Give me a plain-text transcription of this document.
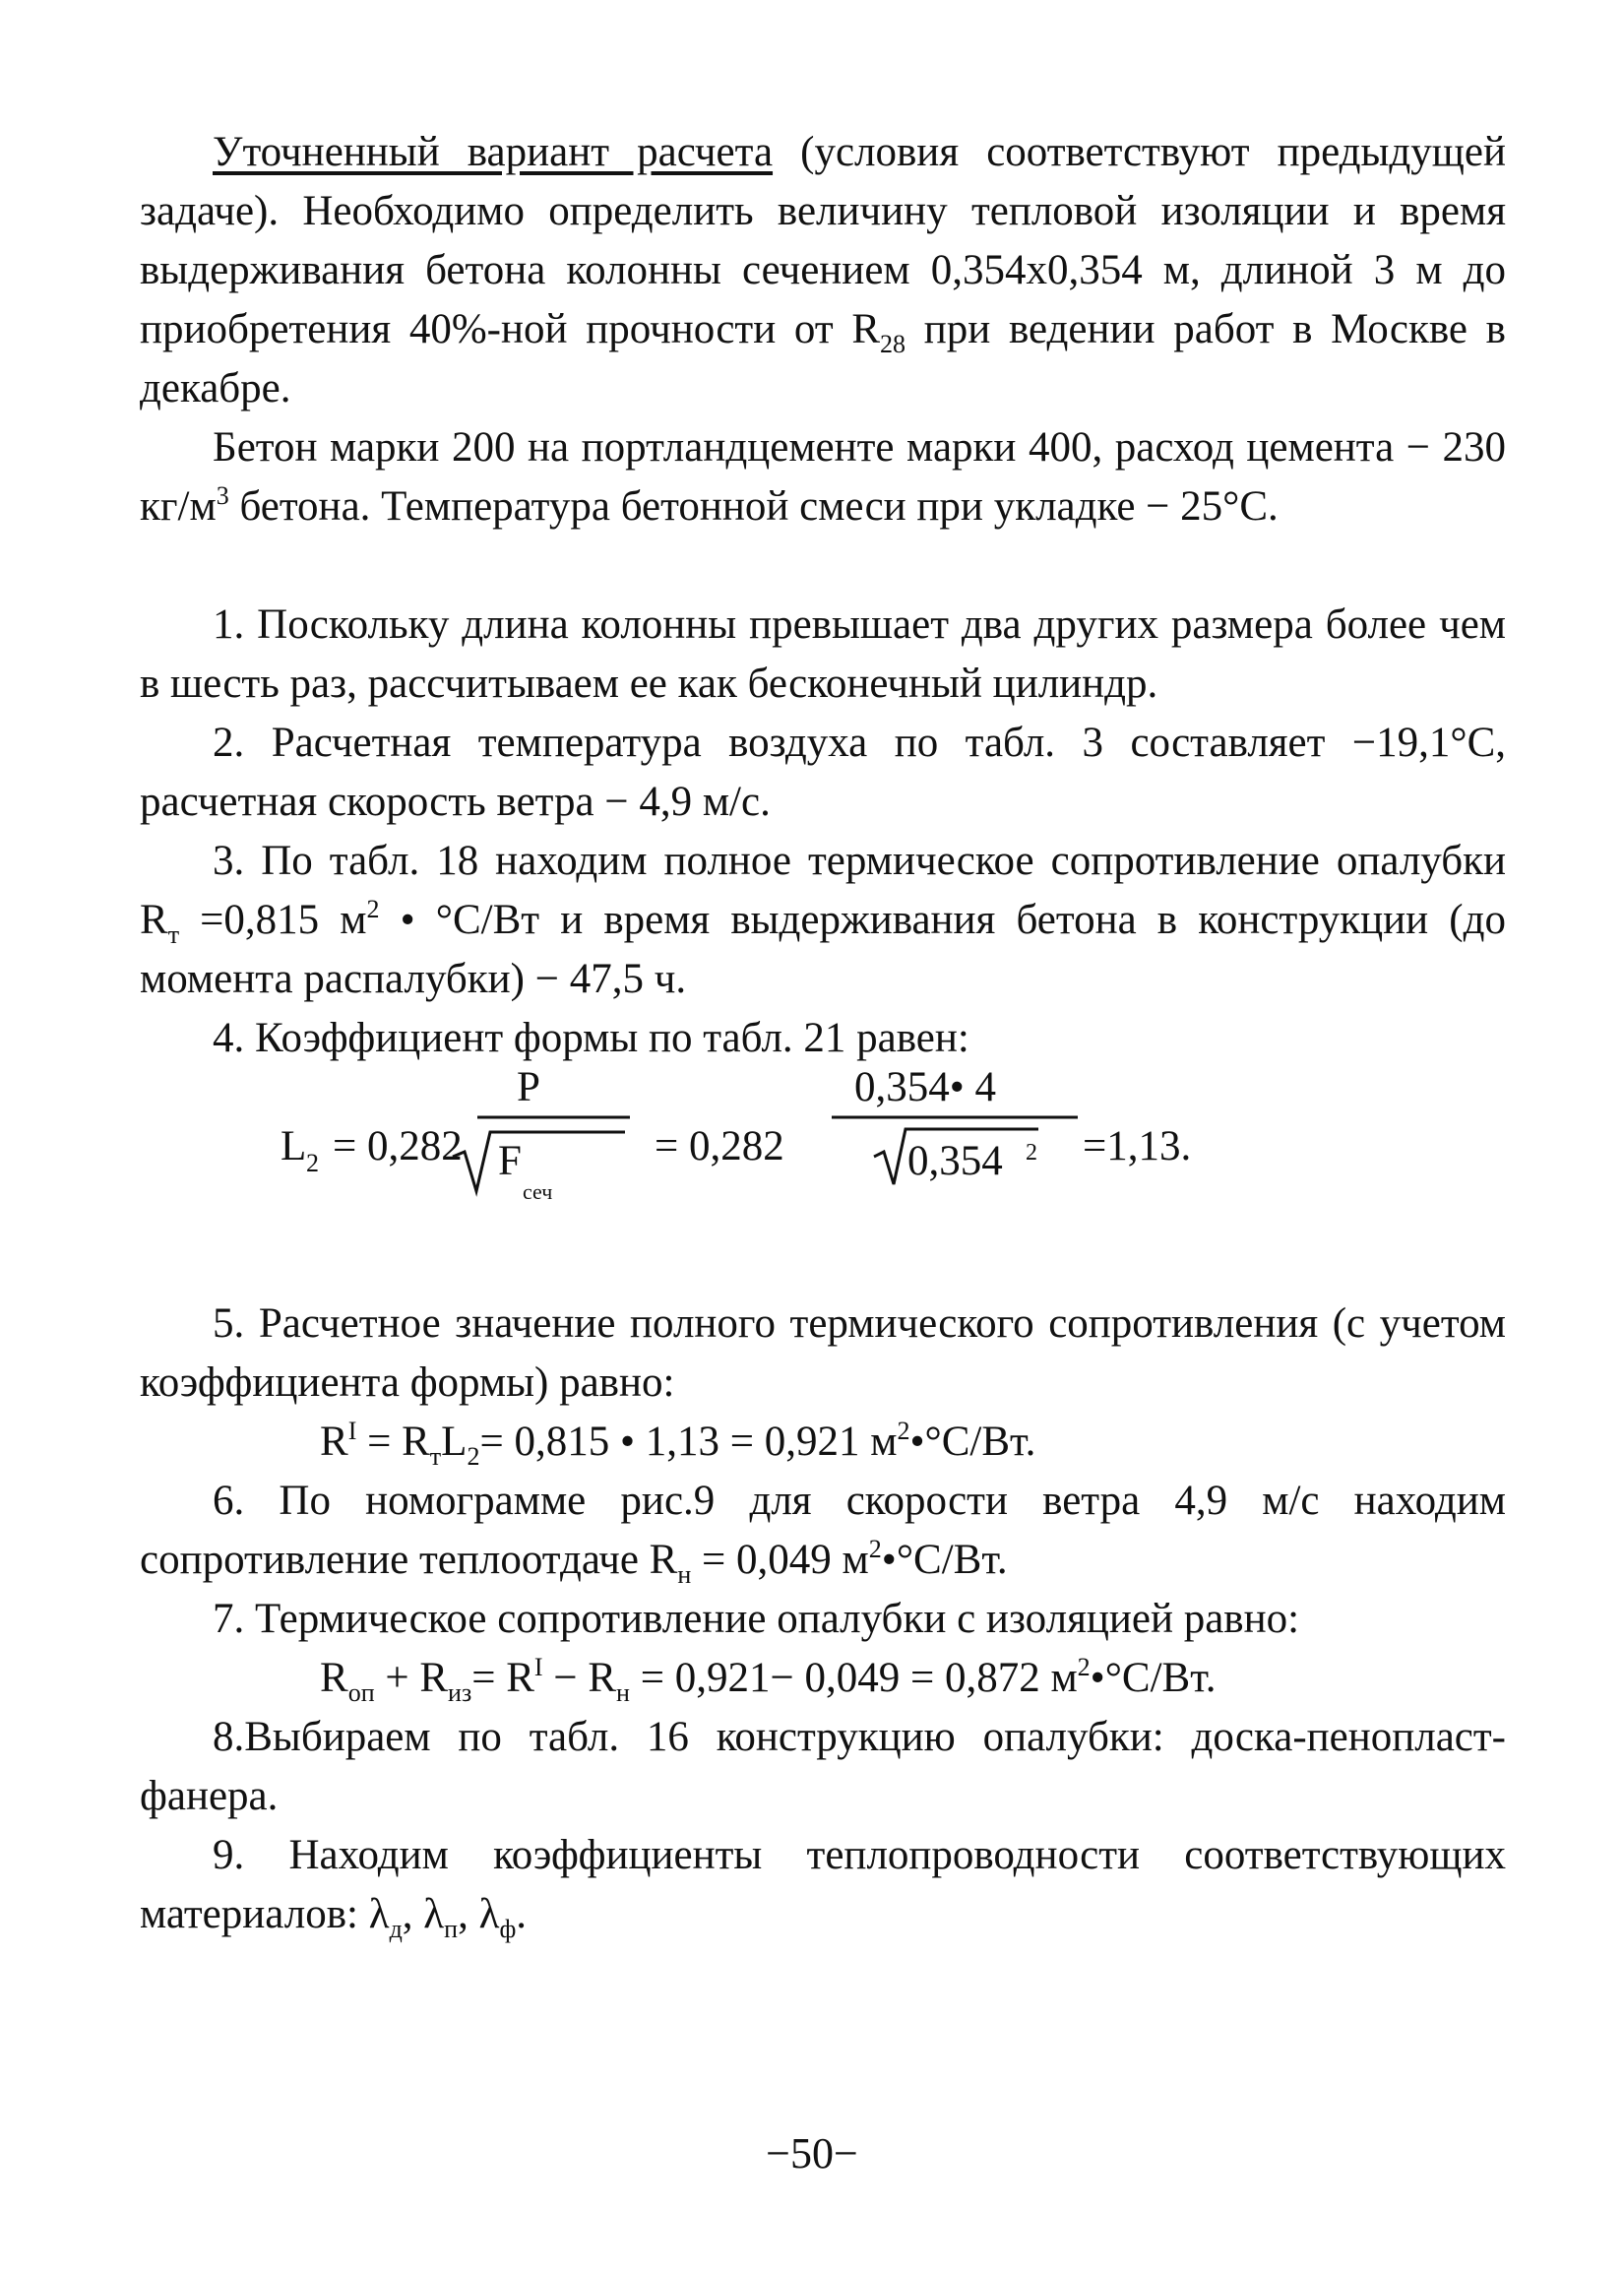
Уточненный вариант расчета (условия соответствуют предыдущей задаче). Необходимо определить величину тепловой изоляции и время выдерживания бетона колонны сечением 0,354x0,354 м, длиной 3 м до приобретения 40%-ной прочности от $R_{28}$ при ведении работ в Москве в декабре.

Бетон марки 200 на портландцементе марки 400, расход цемента − 230 $кг/м^3$ бетона. Температура бетонной смеси при укладке − 25°С.

1. Поскольку длина колонны превышает два других размера более чем в шесть раз, рассчитываем ее как бесконечный цилиндр.

2. Расчетная температура воздуха по табл. 3 составляет −19,1°С, расчетная скорость ветра − 4,9 м/с.

3. По табл. 18 находим полное термическое сопротивление опалубки $R_т =0,815$ $м^2$ • °С/Вт и время выдерживания бетона в конструкции (до момента распалубки) − 47,5 ч.

4. Коэффициент формы по табл. 21 равен:

L 2 = 0,282
P
F
сеч
= 0,282
0,354• 4
0,354 2 =1,13.

5. Расчетное значение полного термического сопротивления (с учетом коэффициента формы) равно:

$R^I = R_тL_2= 0,815$ • 1,13 = 0,921 $м^2•^\circ С/Вт$.

6. По номограмме рис.9 для скорости ветра 4,9 м/с находим сопротивление теплоотдаче $R_н = 0,049$ $м^2•^\circ С/Вт$.

7. Термическое сопротивление опалубки с изоляцией равно:

$R_{оп} + R_{из}= R^I - R_н = 0,921- 0,049 = 0,872$ $м^2•^\circ С/Вт$.

8.Выбираем по табл. 16 конструкцию опалубки: доска-пенопласт-фанера.

9. Находим коэффициенты теплопроводности соответствующих материалов: $\lambda_д$, $\lambda_п$, $\lambda_ф$.

−50−
